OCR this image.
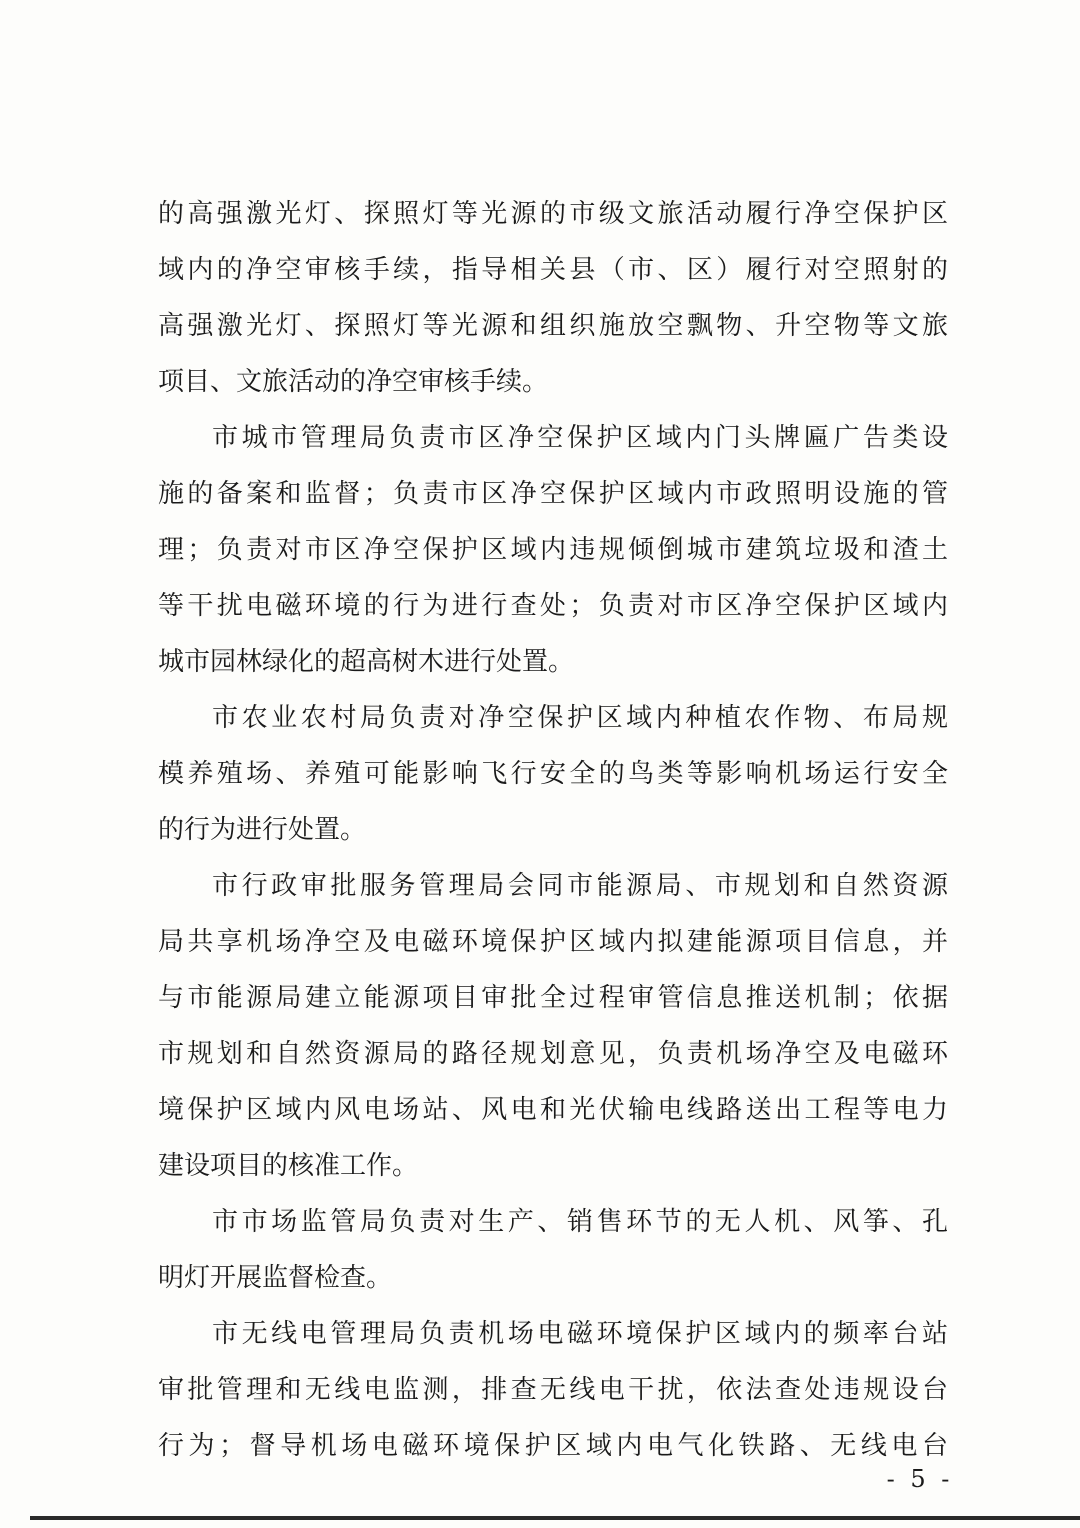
的高强激光灯、探照灯等光源的市级文旅活动履行净空保护区
域内的净空审核手续，指导相关县（市、区）履行对空照射的
高强激光灯、探照灯等光源和组织施放空飘物、升空物等文旅
项目、文旅活动的净空审核手续。
市城市管理局负责市区净空保护区域内门头牌匾广告类设
施的备案和监督；负责市区净空保护区域内市政照明设施的管
理；负责对市区净空保护区域内违规倾倒城市建筑垃圾和渣土
等干扰电磁环境的行为进行查处；负责对市区净空保护区域内
城市园林绿化的超高树木进行处置。
市农业农村局负责对净空保护区域内种植农作物、布局规
模养殖场、养殖可能影响飞行安全的鸟类等影响机场运行安全
的行为进行处置。
市行政审批服务管理局会同市能源局、市规划和自然资源
局共享机场净空及电磁环境保护区域内拟建能源项目信息，并
与市能源局建立能源项目审批全过程审管信息推送机制；依据
市规划和自然资源局的路径规划意见，负责机场净空及电磁环
境保护区域内风电场站、风电和光伏输电线路送出工程等电力
建设项目的核准工作。
市市场监管局负责对生产、销售环节的无人机、风筝、孔
明灯开展监督检查。
市无线电管理局负责机场电磁环境保护区域内的频率台站
审批管理和无线电监测，排查无线电干扰，依法查处违规设台
行为；督导机场电磁环境保护区域内电气化铁路、无线电台
- 5 -
